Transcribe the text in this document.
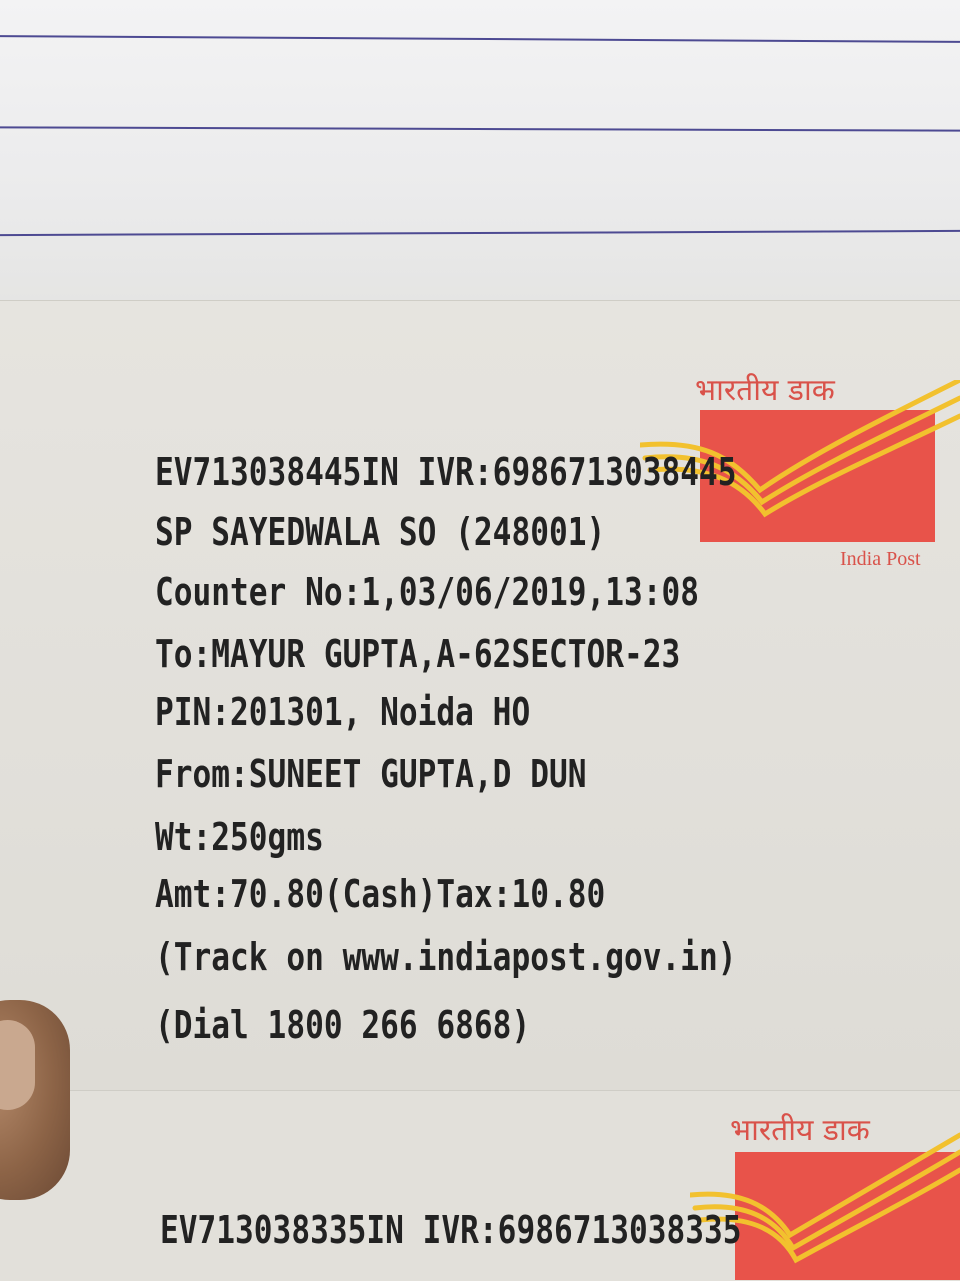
भारतीय डाक
India Post

EV713038445IN IVR:6986713038445

SP SAYEDWALA SO (248001)

Counter No:1,03/06/2019,13:08

To:MAYUR GUPTA,A-62SECTOR-23

PIN:201301, Noida HO

From:SUNEET GUPTA,D DUN

Wt:250gms

Amt:70.80(Cash)Tax:10.80

(Track on www.indiapost.gov.in)

(Dial 1800 266 6868)

भारतीय डाक

EV713038335IN IVR:6986713038335
